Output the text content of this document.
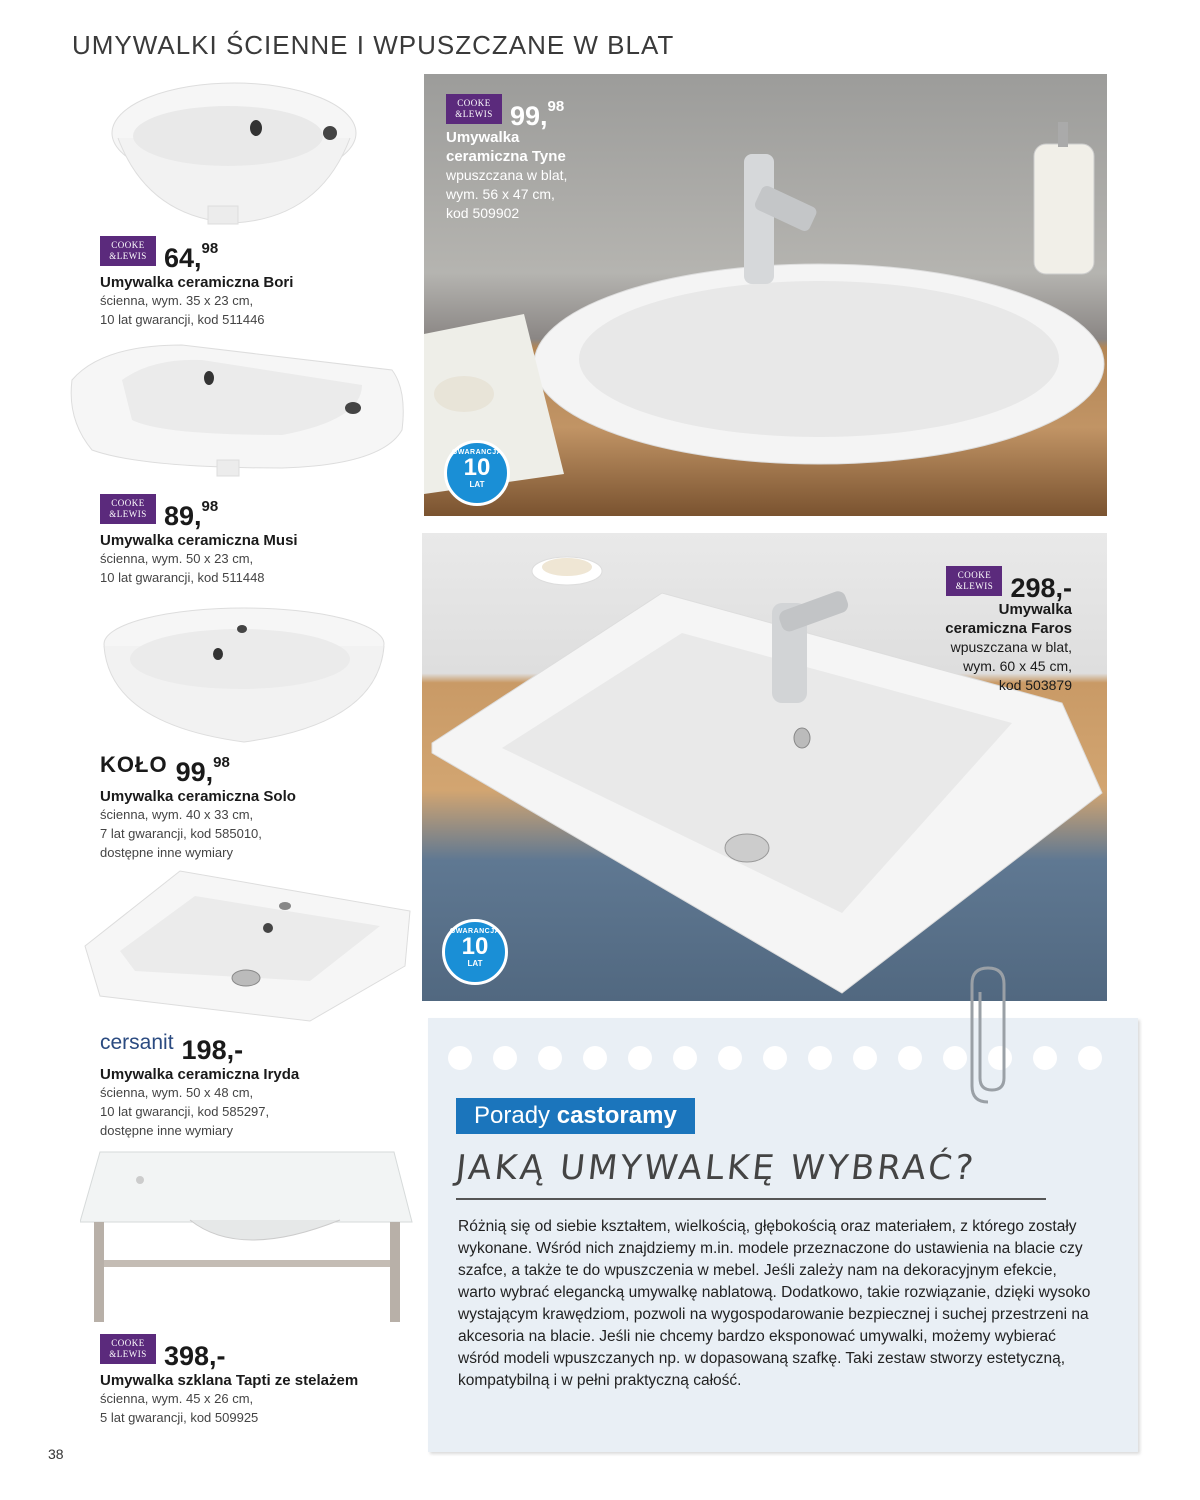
UMYWALKI ŚCIENNE I WPUSZCZANE W BLAT
COOKE &LEWIS 64,98
Umywalka ceramiczna Bori
ścienna, wym. 35 x 23 cm,
10 lat gwarancji, kod 511446
COOKE &LEWIS 89,98
Umywalka ceramiczna Musi
ścienna, wym. 50 x 23 cm,
10 lat gwarancji, kod 511448
KOŁO 99,98
Umywalka ceramiczna Solo
ścienna, wym. 40 x 33 cm,
7 lat gwarancji, kod 585010,
dostępne inne wymiary
cersanit 198,-
Umywalka ceramiczna Iryda
ścienna, wym. 50 x 48 cm,
10 lat gwarancji, kod 585297,
dostępne inne wymiary
COOKE &LEWIS 398,-
Umywalka szklana Tapti ze stelażem
ścienna, wym. 45 x 26 cm,
5 lat gwarancji, kod 509925
GWARANCJA
10
LAT
COOKE &LEWIS 99,98
Umywalka
ceramiczna Tyne
wpuszczana w blat,
wym. 56 x 47 cm,
kod 509902
GWARANCJA
10
LAT
COOKE &LEWIS 298,-
Umywalka
ceramiczna Faros
wpuszczana w blat,
wym. 60 x 45 cm,
kod 503879
Porady castoramy
JAKĄ UMYWALKĘ WYBRAĆ?

Różnią się od siebie kształtem, wielkością, głębokością oraz materiałem, z którego zostały wykonane. Wśród nich znajdziemy m.in. modele przeznaczone do ustawienia na blacie czy szafce, a także te do wpuszczenia w mebel. Jeśli zależy nam na dekoracyjnym efekcie, warto wybrać elegancką umywalkę nablatową. Dodatkowo, takie rozwiązanie, dzięki wysoko wystającym krawędziom, pozwoli na wygospodarowanie bezpiecznej i suchej przestrzeni na akcesoria na blacie. Jeśli nie chcemy bardzo eksponować umywalki, możemy wybierać wśród modeli wpuszczanych np. w dopasowaną szafkę. Taki zestaw stworzy estetyczną, kompatybilną i w pełni praktyczną całość.

38
